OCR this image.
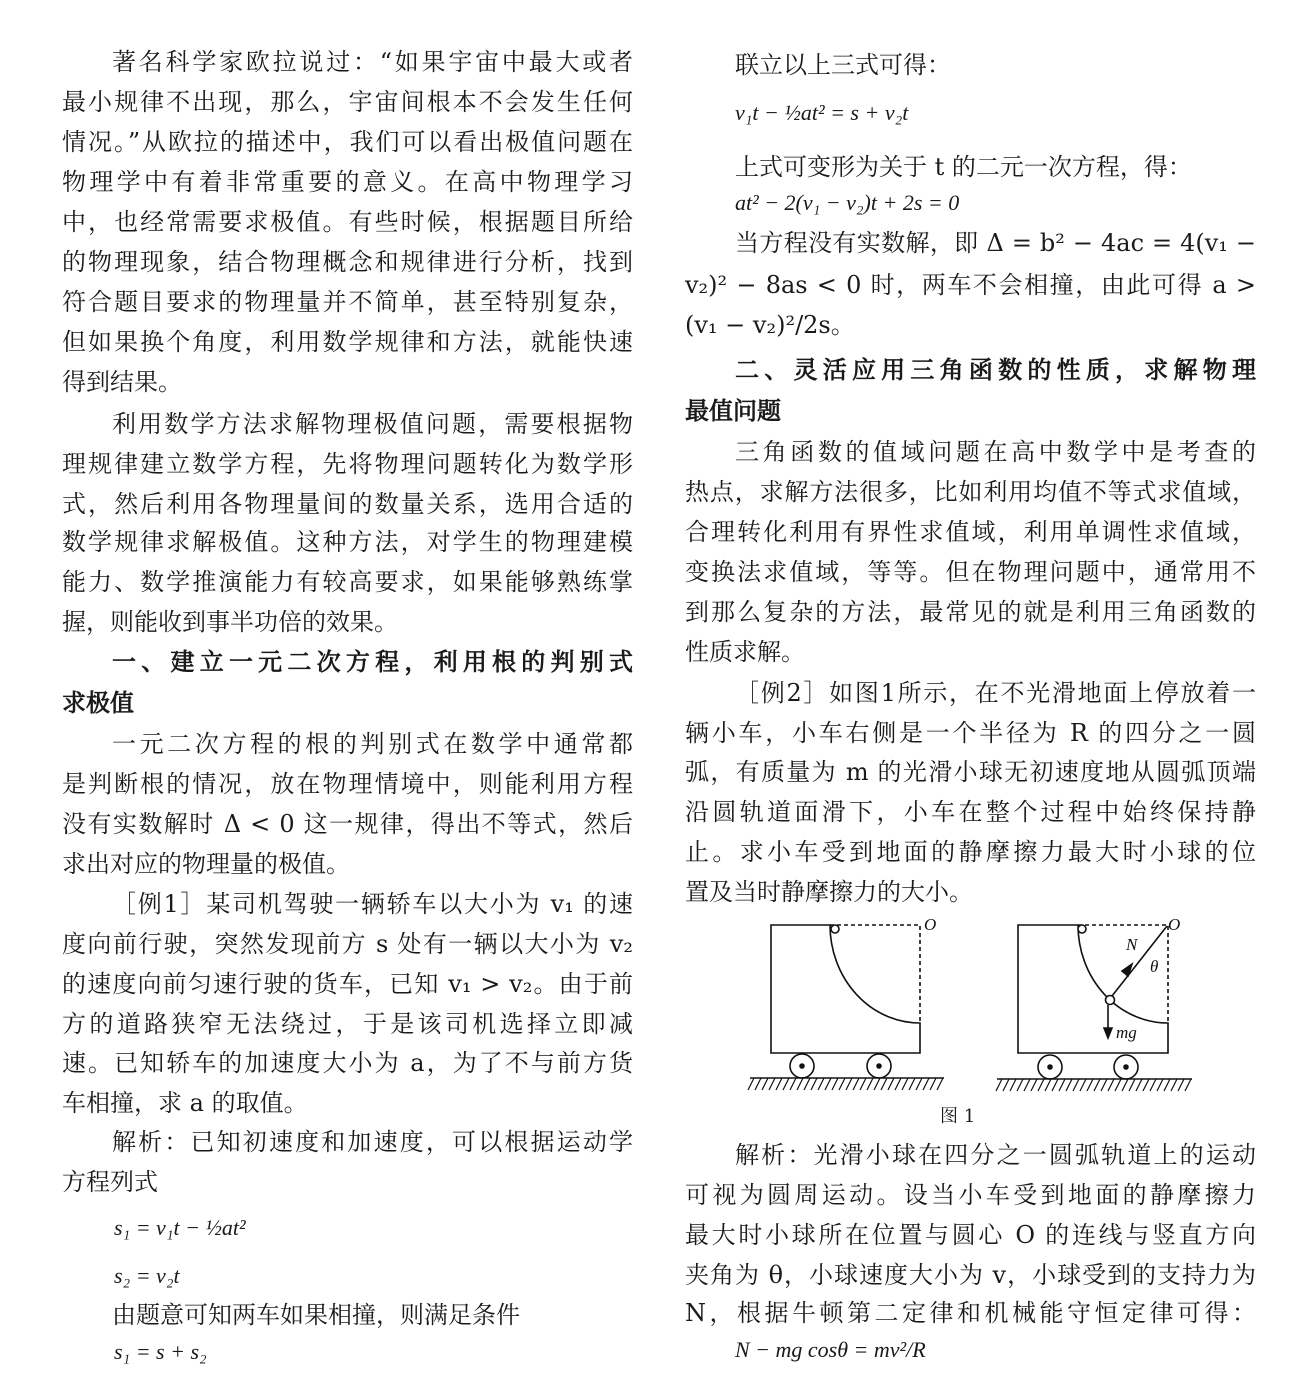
O	O
N
θ
mg
图 1
著名科学家欧拉说过：“如果宇宙中最大或者
最小规律不出现，那么，宇宙间根本不会发生任何
情况。”从欧拉的描述中，我们可以看出极值问题在
物理学中有着非常重要的意义。在高中物理学习
中，也经常需要求极值。有些时候，根据题目所给
的物理现象，结合物理概念和规律进行分析，找到
符合题目要求的物理量并不简单，甚至特别复杂，
但如果换个角度，利用数学规律和方法，就能快速
得到结果。
利用数学方法求解物理极值问题，需要根据物
理规律建立数学方程，先将物理问题转化为数学形
式，然后利用各物理量间的数量关系，选用合适的
数学规律求解极值。这种方法，对学生的物理建模
能力、数学推演能力有较高要求，如果能够熟练掌
握，则能收到事半功倍的效果。
一、建立一元二次方程，利用根的判别式
求极值
一元二次方程的根的判别式在数学中通常都
是判断根的情况，放在物理情境中，则能利用方程
没有实数解时 Δ < 0 这一规律，得出不等式，然后
求出对应的物理量的极值。
［例1］某司机驾驶一辆轿车以大小为 v₁ 的速
度向前行驶，突然发现前方 s 处有一辆以大小为 v₂
的速度向前匀速行驶的货车，已知 v₁ > v₂。由于前
方的道路狭窄无法绕过，于是该司机选择立即减
速。已知轿车的加速度大小为 a，为了不与前方货
车相撞，求 a 的取值。
解析：已知初速度和加速度，可以根据运动学
方程列式
s₁ = v₁t − ½at²
s₂ = v₂t
由题意可知两车如果相撞，则满足条件
s₁ = s + s₂
联立以上三式可得：
v₁t − ½at² = s + v₂t
上式可变形为关于 t 的二元一次方程，得：
at² − 2(v₁ − v₂)t + 2s = 0
当方程没有实数解，即 Δ = b² − 4ac = 4(v₁ −
v₂)² − 8as < 0 时，两车不会相撞，由此可得 a >
(v₁ − v₂)²/2s。
二、灵活应用三角函数的性质，求解物理
最值问题
三角函数的值域问题在高中数学中是考查的
热点，求解方法很多，比如利用均值不等式求值域，
合理转化利用有界性求值域，利用单调性求值域，
变换法求值域，等等。但在物理问题中，通常用不
到那么复杂的方法，最常见的就是利用三角函数的
性质求解。
［例2］如图1所示，在不光滑地面上停放着一
辆小车，小车右侧是一个半径为 R 的四分之一圆
弧，有质量为 m 的光滑小球无初速度地从圆弧顶端
沿圆轨道面滑下，小车在整个过程中始终保持静
止。求小车受到地面的静摩擦力最大时小球的位
置及当时静摩擦力的大小。
解析：光滑小球在四分之一圆弧轨道上的运动
可视为圆周运动。设当小车受到地面的静摩擦力
最大时小球所在位置与圆心 O 的连线与竖直方向
夹角为 θ，小球速度大小为 v，小球受到的支持力为
N，根据牛顿第二定律和机械能守恒定律可得：
N − mg cosθ = mv²/R
